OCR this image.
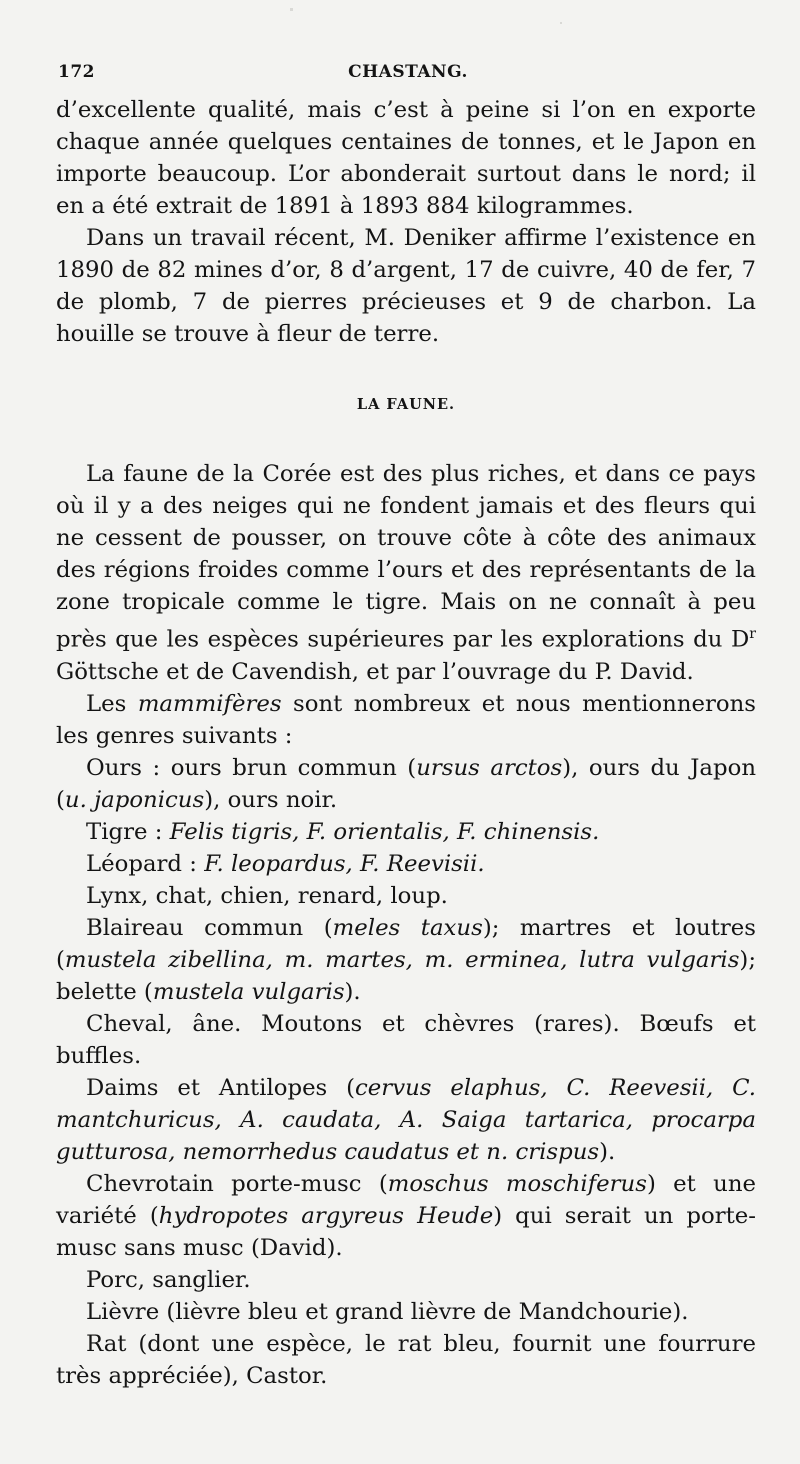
172	CHASTANG.

d’excellente qualité, mais c’est à peine si l’on en exporte chaque année quelques centaines de tonnes, et le Japon en importe beaucoup. L’or abonderait surtout dans le nord; il en a été extrait de 1891 à 1893 884 kilogrammes.

Dans un travail récent, M. Deniker affirme l’existence en 1890 de 82 mines d’or, 8 d’argent, 17 de cuivre, 40 de fer, 7 de plomb, 7 de pierres précieuses et 9 de charbon. La houille se trouve à fleur de terre.

LA FAUNE.

La faune de la Corée est des plus riches, et dans ce pays où il y a des neiges qui ne fondent jamais et des fleurs qui ne cessent de pousser, on trouve côte à côte des animaux des régions froides comme l’ours et des représentants de la zone tropicale comme le tigre. Mais on ne connaît à peu près que les espèces supérieures par les explorations du $D^r$ Göttsche et de Cavendish, et par l’ouvrage du P. David.

Les mammifères sont nombreux et nous mentionnerons les genres suivants :

Ours : ours brun commun (ursus arctos), ours du Japon (u. japonicus), ours noir.

Tigre : Felis tigris, F. orientalis, F. chinensis.

Léopard : F. leopardus, F. Reevisii.

Lynx, chat, chien, renard, loup.

Blaireau commun (meles taxus); martres et loutres (mustela zibellina, m. martes, m. erminea, lutra vulgaris); belette (mustela vulgaris).

Cheval, âne. Moutons et chèvres (rares). Bœufs et buffles.

Daims et Antilopes (cervus elaphus, C. Reevesii, C. mantchuricus, A. caudata, A. Saiga tartarica, procarpa gutturosa, nemorrhedus caudatus et n. crispus).

Chevrotain porte-musc (moschus moschiferus) et une variété (hydropotes argyreus Heude) qui serait un porte-musc sans musc (David).

Porc, sanglier.

Lièvre (lièvre bleu et grand lièvre de Mandchourie).

Rat (dont une espèce, le rat bleu, fournit une fourrure très appréciée), Castor.
